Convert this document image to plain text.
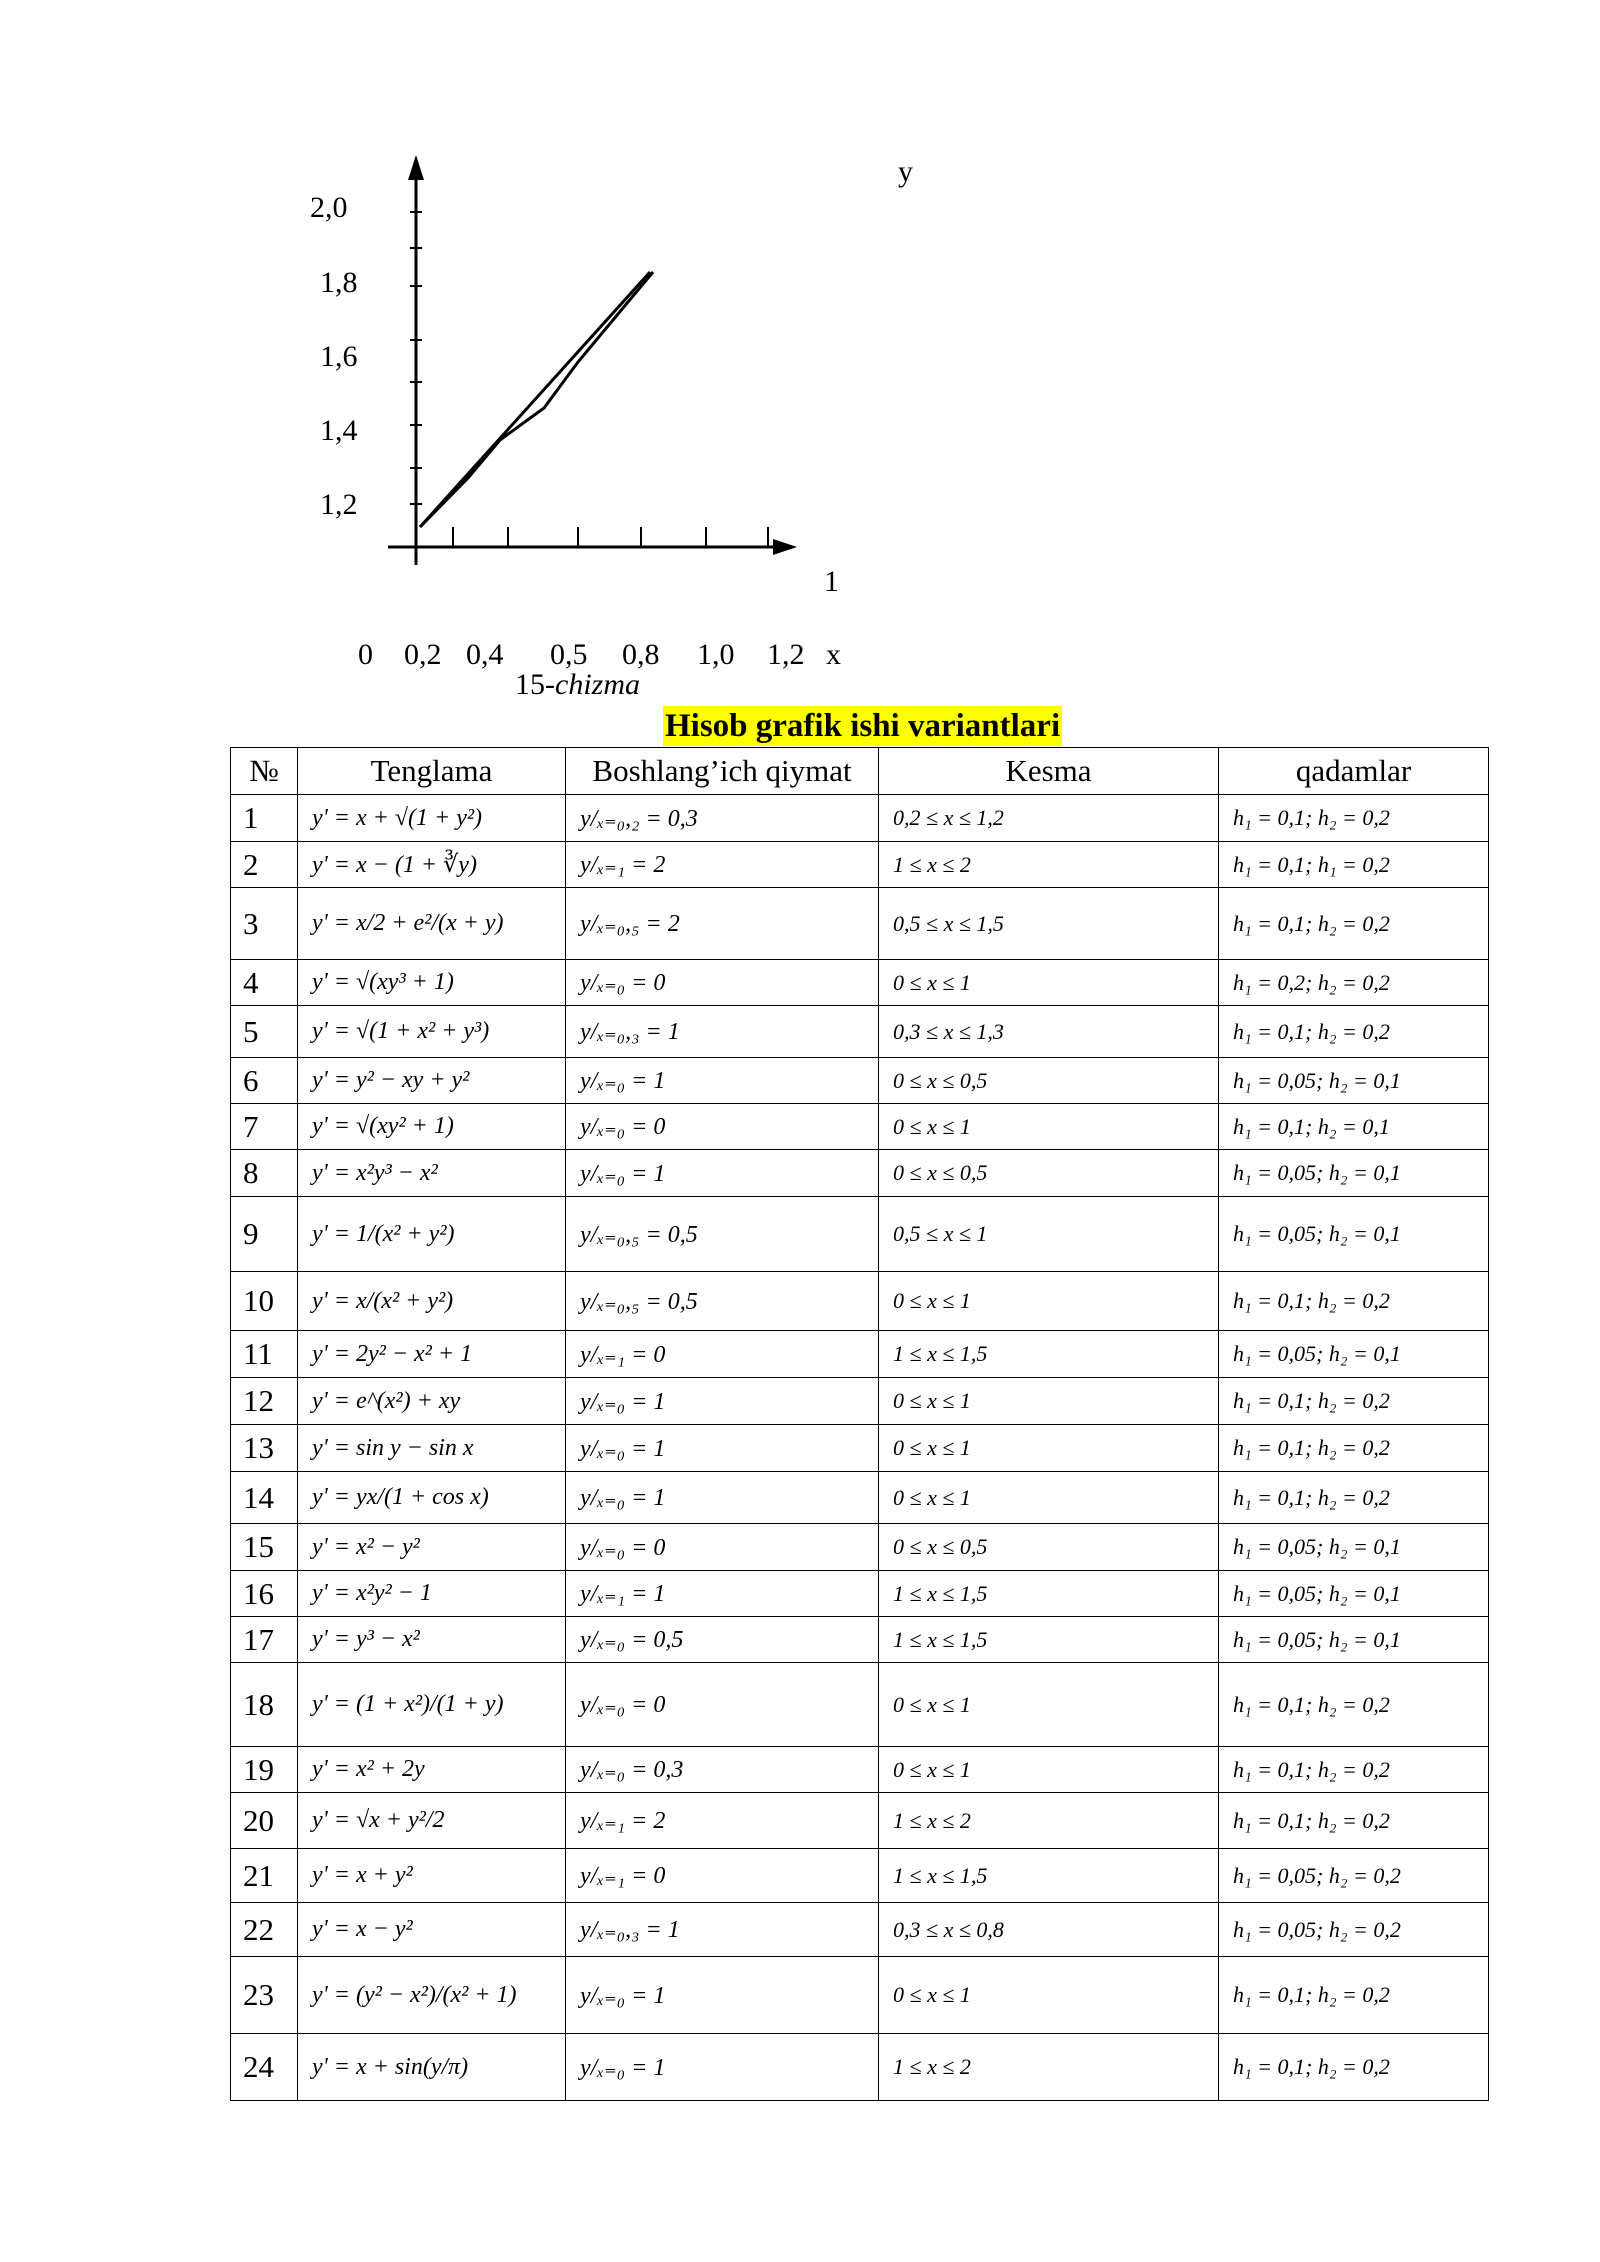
y
2,0
1,8
1,6
1,4
1,2
1
0 0,2 0,4 0,5 0,8 1,0 1,2 x
15-chizma
Hisob grafik ishi variantlari
№	Tenglama	Boshlang’ich qiymat	Kesma	qadamlar
1	y' = x + √(1 + y²)	y/ₓ₌₀,₂ = 0,3	0,2 ≤ x ≤ 1,2	h₁ = 0,1; h₂ = 0,2
2	y' = x − (1 + ∛y)	y/ₓ₌₁ = 2	1 ≤ x ≤ 2	h₁ = 0,1; h₁ = 0,2
3	y' = x/2 + e²/(x + y)	y/ₓ₌₀,₅ = 2	0,5 ≤ x ≤ 1,5	h₁ = 0,1; h₂ = 0,2
4	y' = √(xy³ + 1)	y/ₓ₌₀ = 0	0 ≤ x ≤ 1	h₁ = 0,2; h₂ = 0,2
5	y' = √(1 + x² + y³)	y/ₓ₌₀,₃ = 1	0,3 ≤ x ≤ 1,3	h₁ = 0,1; h₂ = 0,2
6	y' = y² − xy + y²	y/ₓ₌₀ = 1	0 ≤ x ≤ 0,5	h₁ = 0,05; h₂ = 0,1
7	y' = √(xy² + 1)	y/ₓ₌₀ = 0	0 ≤ x ≤ 1	h₁ = 0,1; h₂ = 0,1
8	y' = x²y³ − x²	y/ₓ₌₀ = 1	0 ≤ x ≤ 0,5	h₁ = 0,05; h₂ = 0,1
9	y' = 1/(x² + y²)	y/ₓ₌₀,₅ = 0,5	0,5 ≤ x ≤ 1	h₁ = 0,05; h₂ = 0,1
10	y' = x/(x² + y²)	y/ₓ₌₀,₅ = 0,5	0 ≤ x ≤ 1	h₁ = 0,1; h₂ = 0,2
11	y' = 2y² − x² + 1	y/ₓ₌₁ = 0	1 ≤ x ≤ 1,5	h₁ = 0,05; h₂ = 0,1
12	y' = e^(x²) + xy	y/ₓ₌₀ = 1	0 ≤ x ≤ 1	h₁ = 0,1; h₂ = 0,2
13	y' = sin y − sin x	y/ₓ₌₀ = 1	0 ≤ x ≤ 1	h₁ = 0,1; h₂ = 0,2
14	y' = yx/(1 + cos x)	y/ₓ₌₀ = 1	0 ≤ x ≤ 1	h₁ = 0,1; h₂ = 0,2
15	y' = x² − y²	y/ₓ₌₀ = 0	0 ≤ x ≤ 0,5	h₁ = 0,05; h₂ = 0,1
16	y' = x²y² − 1	y/ₓ₌₁ = 1	1 ≤ x ≤ 1,5	h₁ = 0,05; h₂ = 0,1
17	y' = y³ − x²	y/ₓ₌₀ = 0,5	1 ≤ x ≤ 1,5	h₁ = 0,05; h₂ = 0,1
18	y' = (1 + x²)/(1 + y)	y/ₓ₌₀ = 0	0 ≤ x ≤ 1	h₁ = 0,1; h₂ = 0,2
19	y' = x² + 2y	y/ₓ₌₀ = 0,3	0 ≤ x ≤ 1	h₁ = 0,1; h₂ = 0,2
20	y' = √x + y²/2	y/ₓ₌₁ = 2	1 ≤ x ≤ 2	h₁ = 0,1; h₂ = 0,2
21	y' = x + y²	y/ₓ₌₁ = 0	1 ≤ x ≤ 1,5	h₁ = 0,05; h₂ = 0,2
22	y' = x − y²	y/ₓ₌₀,₃ = 1	0,3 ≤ x ≤ 0,8	h₁ = 0,05; h₂ = 0,2
23	y' = (y² − x²)/(x² + 1)	y/ₓ₌₀ = 1	0 ≤ x ≤ 1	h₁ = 0,1; h₂ = 0,2
24	y' = x + sin(y/π)	y/ₓ₌₀ = 1	1 ≤ x ≤ 2	h₁ = 0,1; h₂ = 0,2
